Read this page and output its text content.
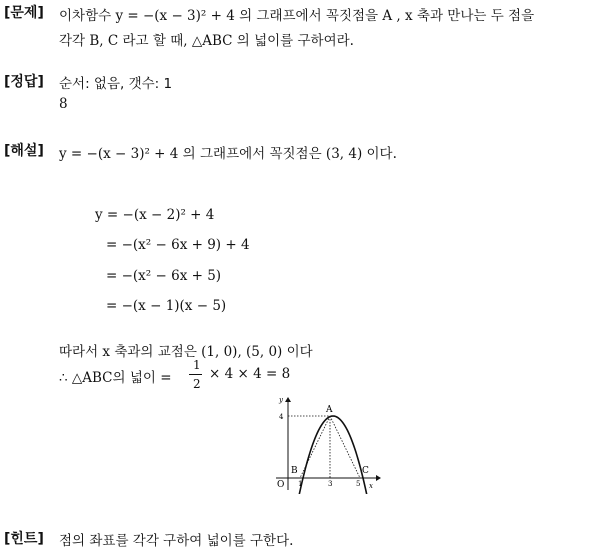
[문제] 이차함수 y = −(x − 3)² + 4 의 그래프에서 꼭짓점을 A , x 축과 만나는 두 점을
각각 B, C 라고 할 때, △ABC 의 넓이를 구하여라.
[정답] 순서: 없음, 갯수: 1
8
[해설] y = −(x − 3)² + 4 의 그래프에서 꼭짓점은 (3, 4) 이다.
y = −(x − 2)² + 4
= −(x² − 6x + 9) + 4
= −(x² − 6x + 5)
= −(x − 1)(x − 5)
따라서 x 축과의 교점은 (1, 0), (5, 0) 이다
∴ △ABC의 넓이 =
1
2
× 4 × 4 = 8
y
x
O
4
1	3	5
A
B	C
[힌트] 점의 좌표를 각각 구하여 넓이를 구한다.
